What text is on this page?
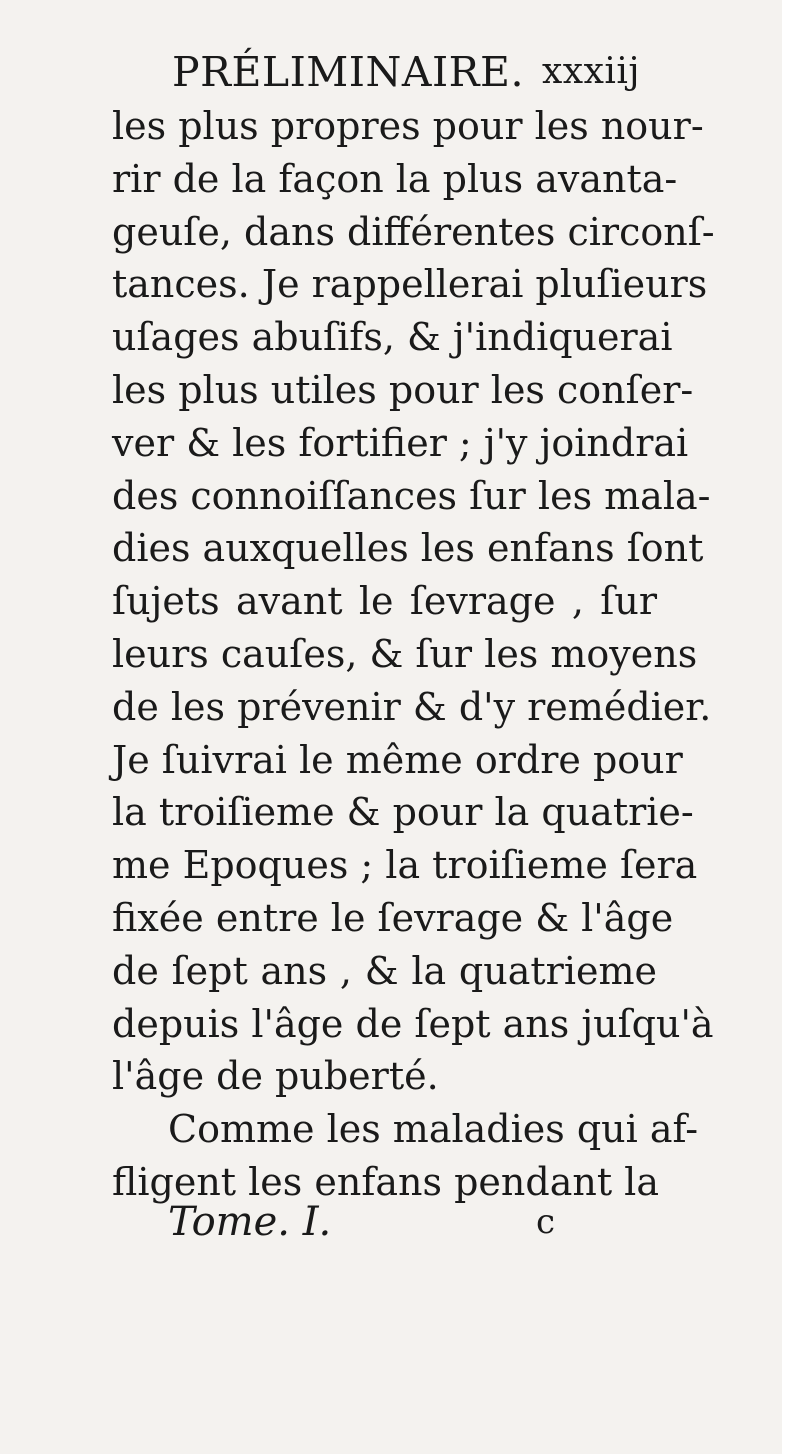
PRÉLIMINAIRE. xxxiij
les plus propres pour les nour-
rir de la façon la plus avanta-
geuſe, dans différentes circonſ-
tances. Je rappellerai pluſieurs
uſages abuſifs, & j'indiquerai
les plus utiles pour les conſer-
ver & les fortifier ; j'y joindrai
des connoiſſances ſur les mala-
dies auxquelles les enfans ſont
ſujets avant le ſevrage , ſur
leurs cauſes, & ſur les moyens
de les prévenir & d'y remédier.
Je ſuivrai le même ordre pour
la troiſieme & pour la quatrie-
me Epoques ; la troiſieme ſera
fixée entre le ſevrage & l'âge
de ſept ans , & la quatrieme
depuis l'âge de ſept ans juſqu'à
l'âge de puberté.
Comme les maladies qui af-
fligent les enfans pendant la
Tome. I.	c
